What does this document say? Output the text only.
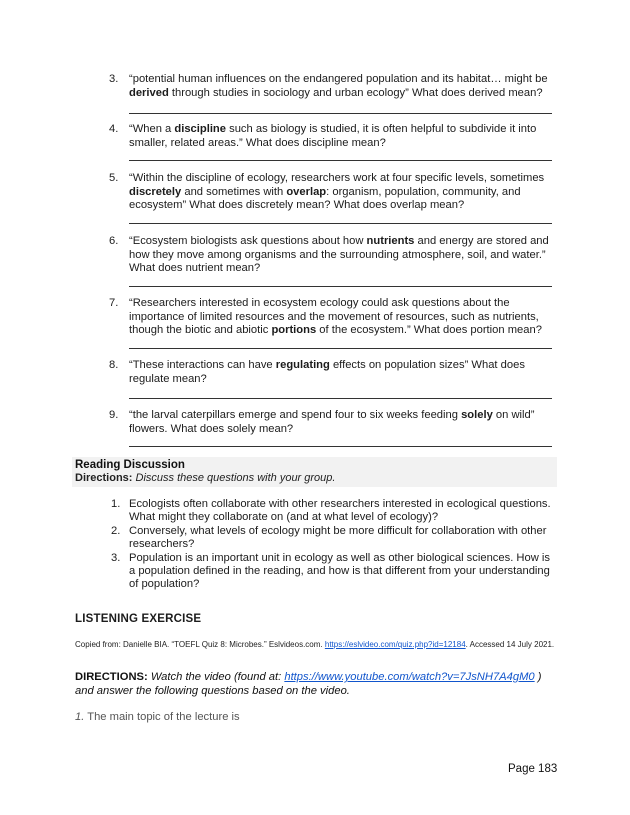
3. “potential human influences on the endangered population and its habitat… might be derived through studies in sociology and urban ecology” What does derived mean?
4. “When a discipline such as biology is studied, it is often helpful to subdivide it into smaller, related areas.” What does discipline mean?
5. “Within the discipline of ecology, researchers work at four specific levels, sometimes discretely and sometimes with overlap: organism, population, community, and ecosystem” What does discretely mean? What does overlap mean?
6. “Ecosystem biologists ask questions about how nutrients and energy are stored and how they move among organisms and the surrounding atmosphere, soil, and water.” What does nutrient mean?
7. “Researchers interested in ecosystem ecology could ask questions about the importance of limited resources and the movement of resources, such as nutrients, though the biotic and abiotic portions of the ecosystem.” What does portion mean?
8. “These interactions can have regulating effects on population sizes” What does regulate mean?
9. “the larval caterpillars emerge and spend four to six weeks feeding solely on wild” flowers. What does solely mean?
Reading Discussion
Directions: Discuss these questions with your group.
1. Ecologists often collaborate with other researchers interested in ecological questions. What might they collaborate on (and at what level of ecology)?
2. Conversely, what levels of ecology might be more difficult for collaboration with other researchers?
3. Population is an important unit in ecology as well as other biological sciences. How is a population defined in the reading, and how is that different from your understanding of population?
LISTENING EXERCISE
Copied from: Danielle BIA. “TOEFL Quiz 8: Microbes.” Eslvideos.com. https://eslvideo.com/quiz.php?id=12184. Accessed 14 July 2021.
DIRECTIONS: Watch the video (found at: https://www.youtube.com/watch?v=7JsNH7A4gM0 ) and answer the following questions based on the video.
1. The main topic of the lecture is
Page 183
